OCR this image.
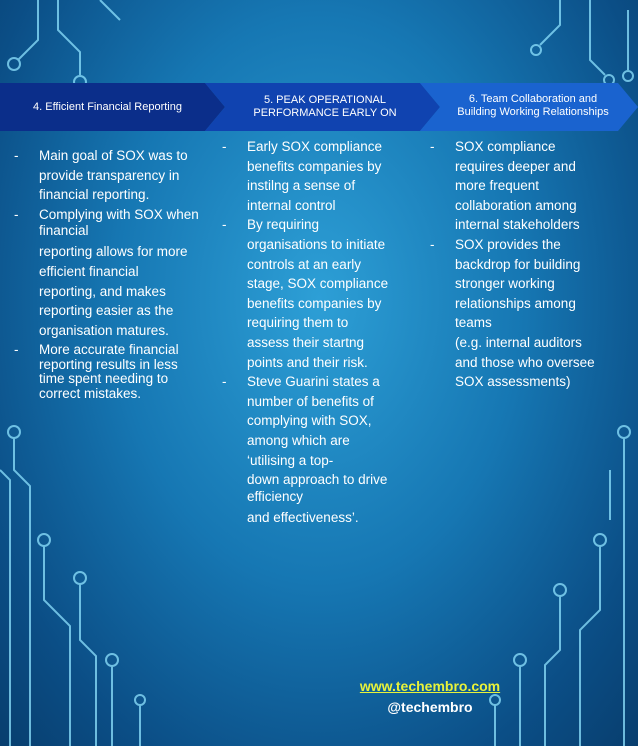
4. Efficient Financial Reporting
5. PEAK OPERATIONAL
PERFORMANCE EARLY ON
6. Team Collaboration and
Building Working Relationships
- Main goal of SOX was to
provide transparency in
financial reporting.
- Complying with SOX when
financial
reporting allows for more
efficient financial
reporting, and makes
reporting easier as the
organisation matures.
- More accurate financial
reporting results in less
time spent needing to
correct mistakes.
- Early SOX compliance
benefits companies by
instilng a sense of
internal control
- By requiring
organisations to initiate
controls at an early
stage, SOX compliance
benefits companies by
requiring them to
assess their startng
points and their risk.
- Steve Guarini states a
number of benefits of
complying with SOX,
among which are
‘utilising a top-
down approach to drive
efficiency
and effectiveness’.
- SOX compliance
requires deeper and
more frequent
collaboration among
internal stakeholders
- SOX provides the
backdrop for building
stronger working
relationships among
teams
(e.g. internal auditors
and those who oversee
SOX assessments)
www.techembro.com
@techembro
